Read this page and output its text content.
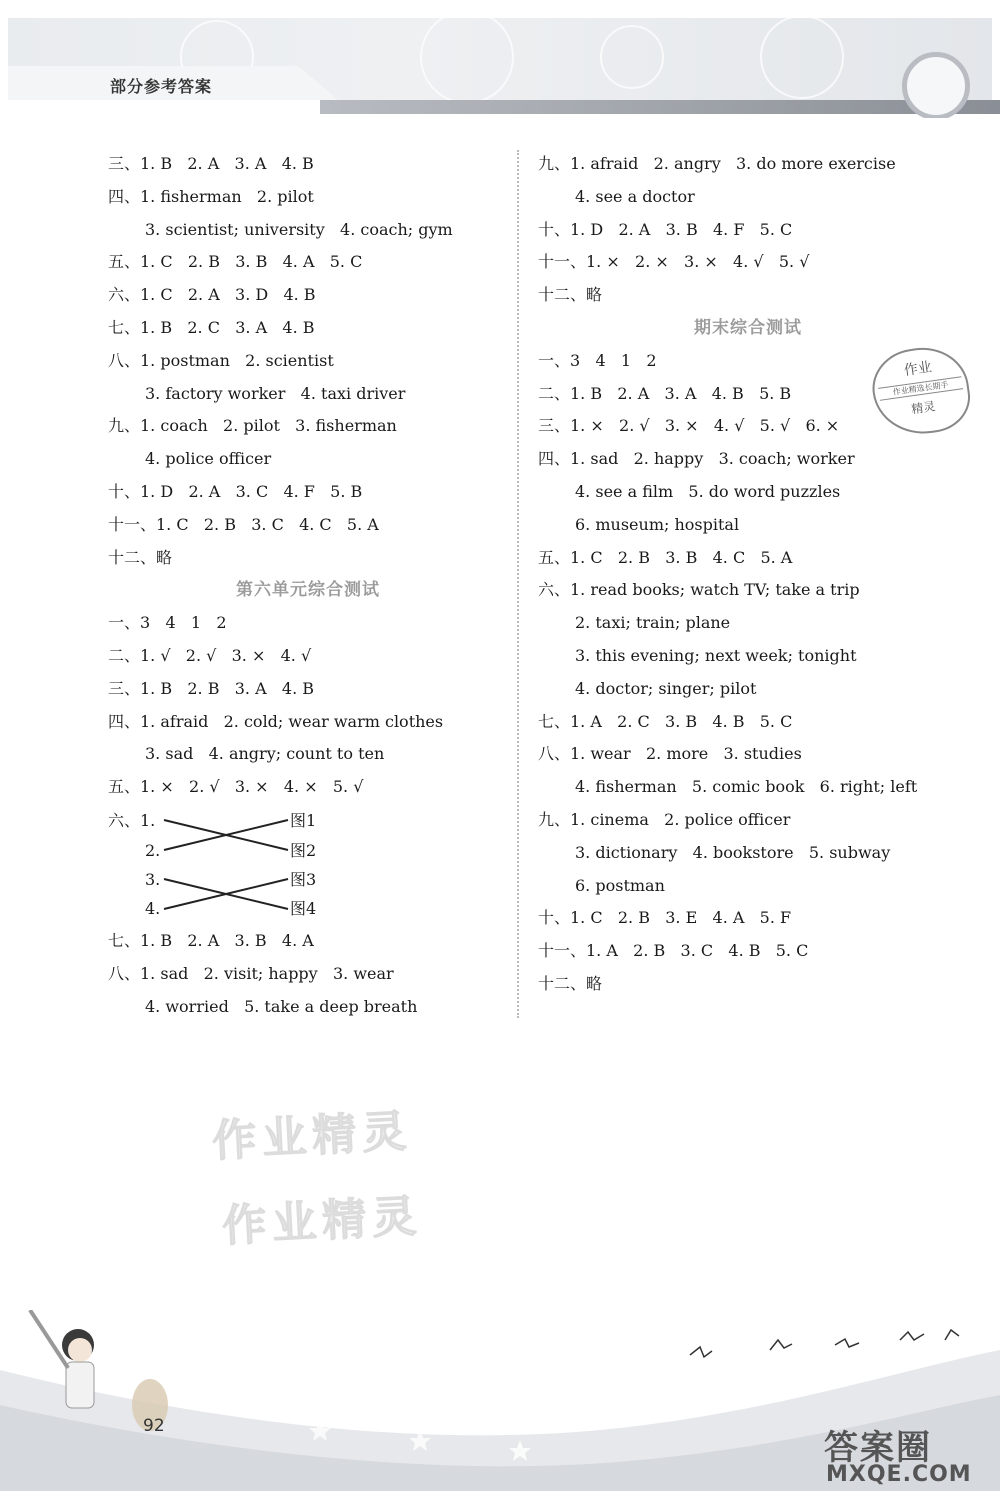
部分参考答案
三、1. B   2. A   3. A   4. B
四、1. fisherman   2. pilot
3. scientist; university   4. coach; gym
五、1. C   2. B   3. B   4. A   5. C
六、1. C   2. A   3. D   4. B
七、1. B   2. C   3. A   4. B
八、1. postman   2. scientist
3. factory worker   4. taxi driver
九、1. coach   2. pilot   3. fisherman
4. police officer
十、1. D   2. A   3. C   4. F   5. B
十一、1. C   2. B   3. C   4. C   5. A
十二、略
第六单元综合测试
一、3   4   1   2
二、1. √   2. √   3. ×   4. √
三、1. B   2. B   3. A   4. B
四、1. afraid   2. cold; wear warm clothes
3. sad   4. angry; count to ten
五、1. ×   2. √   3. ×   4. ×   5. √
六、1.
2.
3.
4.
图1
图2
图3
图4
七、1. B   2. A   3. B   4. A
八、1. sad   2. visit; happy   3. wear
4. worried   5. take a deep breath
九、1. afraid   2. angry   3. do more exercise
4. see a doctor
十、1. D   2. A   3. B   4. F   5. C
十一、1. ×   2. ×   3. ×   4. √   5. √
十二、略
期末综合测试
一、3   4   1   2
二、1. B   2. A   3. A   4. B   5. B
三、1. ×   2. √   3. ×   4. √   5. √   6. ×
四、1. sad   2. happy   3. coach; worker
4. see a film   5. do word puzzles
6. museum; hospital
五、1. C   2. B   3. B   4. C   5. A
六、1. read books; watch TV; take a trip
2. taxi; train; plane
3. this evening; next week; tonight
4. doctor; singer; pilot
七、1. A   2. C   3. B   4. B   5. C
八、1. wear   2. more   3. studies
4. fisherman   5. comic book   6. right; left
九、1. cinema   2. police officer
3. dictionary   4. bookstore   5. subway
6. postman
十、1. C   2. B   3. E   4. A   5. F
十一、1. A   2. B   3. C   4. B   5. C
十二、略
作业
作业精选长期手
精灵
作业精灵
作业精灵
92
答案圈
MXQE.COM
